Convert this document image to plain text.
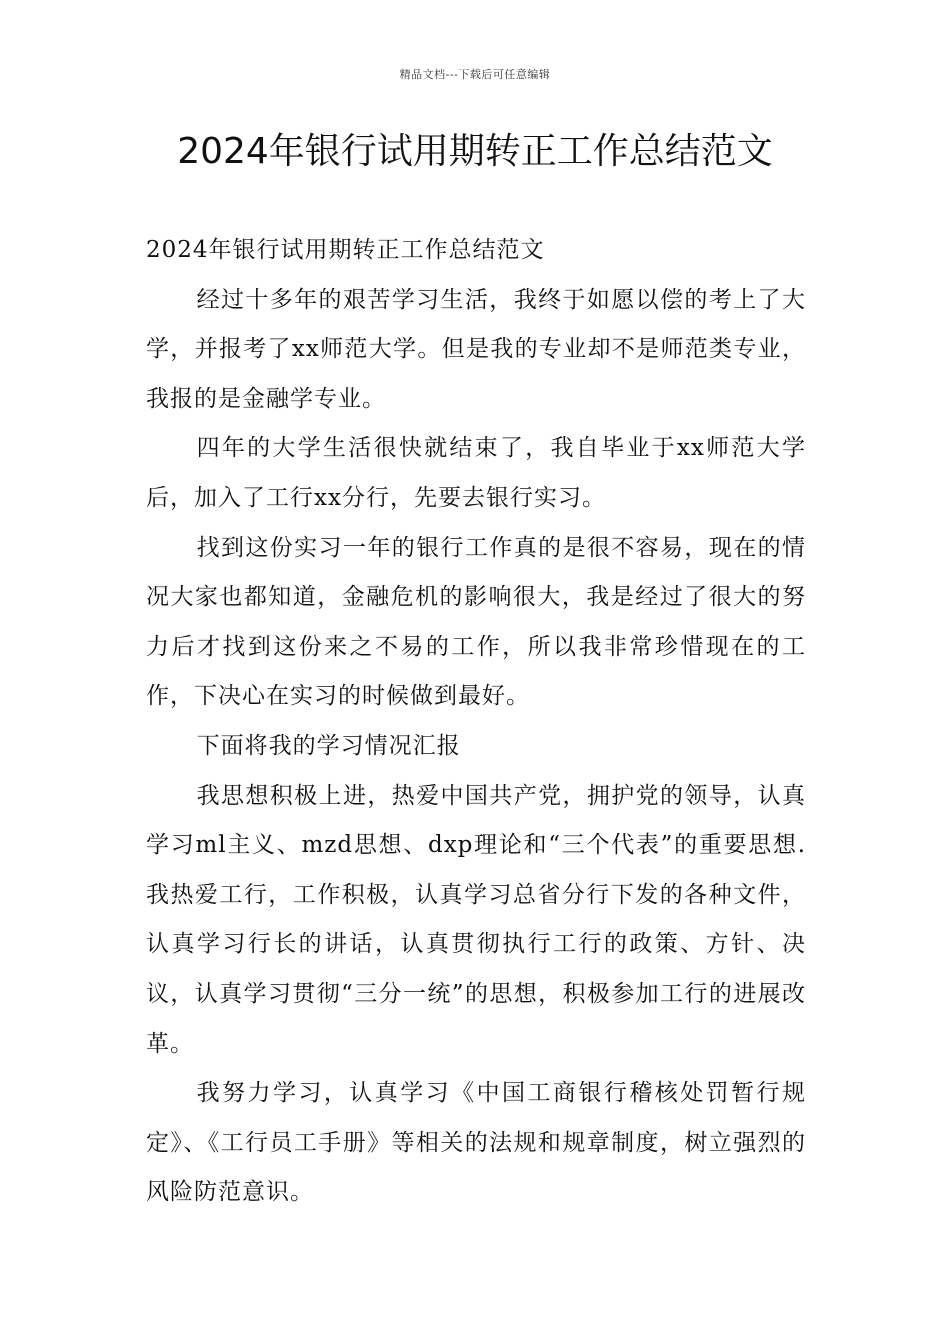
精品文档---下载后可任意编辑
2024年银行试用期转正工作总结范文

2024年银行试用期转正工作总结范文

经过十多年的艰苦学习生活，我终于如愿以偿的考上了大学，并报考了xx师范大学。但是我的专业却不是师范类专业，我报的是金融学专业。

四年的大学生活很快就结束了，我自毕业于xx师范大学后，加入了工行xx分行，先要去银行实习。

找到这份实习一年的银行工作真的是很不容易，现在的情况大家也都知道，金融危机的影响很大，我是经过了很大的努力后才找到这份来之不易的工作，所以我非常珍惜现在的工作，下决心在实习的时候做到最好。

下面将我的学习情况汇报

我思想积极上进，热爱中国共产党，拥护党的领导，认真学习ml主义、mzd思想、dxp理论和“三个代表”的重要思想.我热爱工行，工作积极，认真学习总省分行下发的各种文件，认真学习行长的讲话，认真贯彻执行工行的政策、方针、决议，认真学习贯彻“三分一统”的思想，积极参加工行的进展改革。

我努力学习，认真学习《中国工商银行稽核处罚暂行规定》、《工行员工手册》等相关的法规和规章制度，树立强烈的风险防范意识。
